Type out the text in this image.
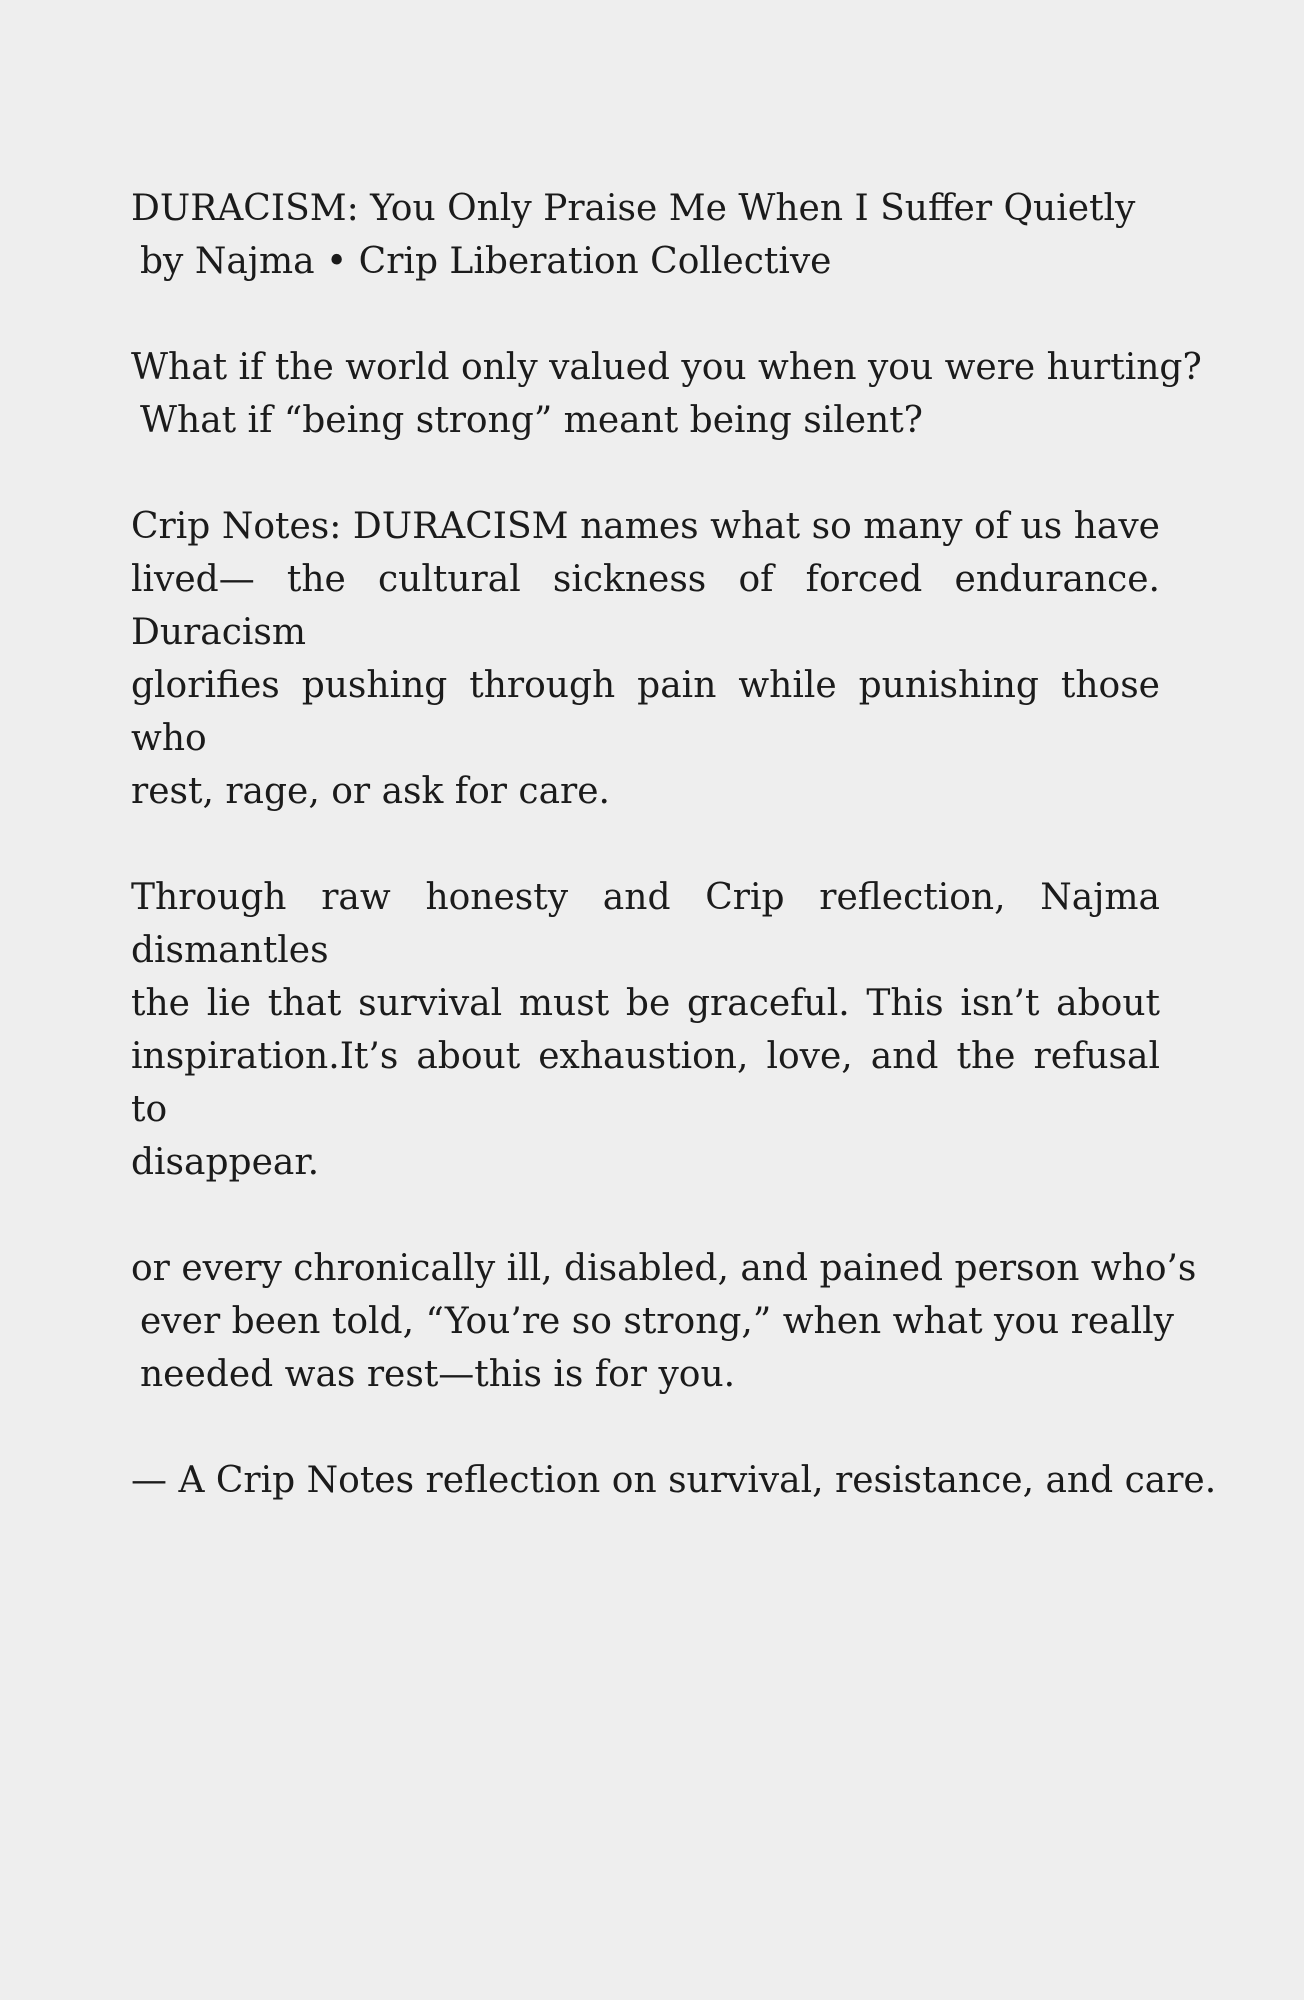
DURACISM: You Only Praise Me When I Suffer Quietly
by Najma • Crip Liberation Collective
What if the world only valued you when you were hurting?
What if “being strong” meant being silent?
Crip Notes: DURACISM names what so many of us have
lived— the cultural sickness of forced endurance. Duracism
glorifies pushing through pain while punishing those who
rest, rage, or ask for care.
Through raw honesty and Crip reflection, Najma dismantles
the lie that survival must be graceful. This isn’t about
inspiration.It’s about exhaustion, love, and the refusal to
disappear.
or every chronically ill, disabled, and pained person who’s
ever been told, “You’re so strong,” when what you really
needed was rest—this is for you.
— A Crip Notes reflection on survival, resistance, and care.
